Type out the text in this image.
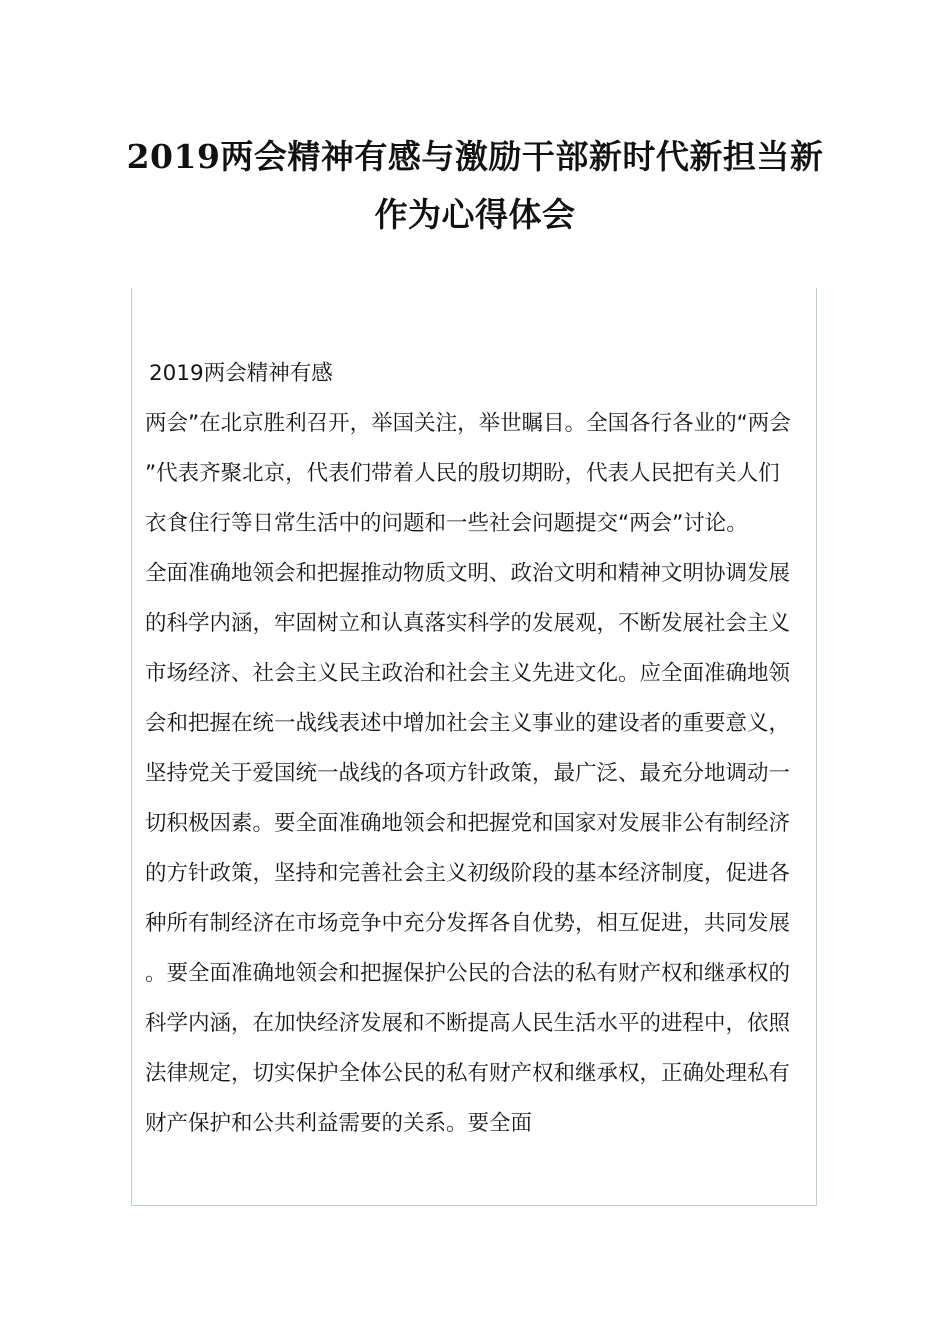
2019两会精神有感与激励干部新时代新担当新
作为心得体会

2019两会精神有感

两会”在北京胜利召开，举国关注，举世瞩目。全国各行各业的“两会”代表齐聚北京，代表们带着人民的殷切期盼，代表人民把有关人们衣食住行等日常生活中的问题和一些社会问题提交“两会”讨论。

全面准确地领会和把握推动物质文明、政治文明和精神文明协调发展的科学内涵，牢固树立和认真落实科学的发展观，不断发展社会主义市场经济、社会主义民主政治和社会主义先进文化。应全面准确地领会和把握在统一战线表述中增加社会主义事业的建设者的重要意义，坚持党关于爱国统一战线的各项方针政策，最广泛、最充分地调动一切积极因素。要全面准确地领会和把握党和国家对发展非公有制经济的方针政策，坚持和完善社会主义初级阶段的基本经济制度，促进各种所有制经济在市场竞争中充分发挥各自优势，相互促进，共同发展。要全面准确地领会和把握保护公民的合法的私有财产权和继承权的科学内涵，在加快经济发展和不断提高人民生活水平的进程中，依照法律规定，切实保护全体公民的私有财产权和继承权，正确处理私有财产保护和公共利益需要的关系。要全面
